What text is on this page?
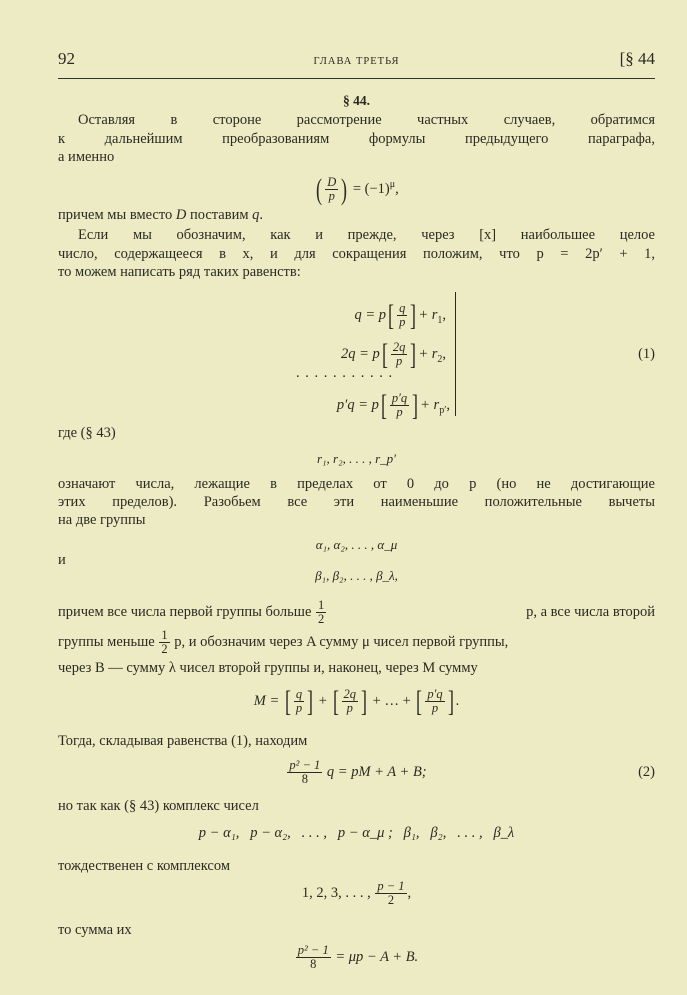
92	ГЛАВА ТРЕТЬЯ	[§ 44
§ 44.
Оставляя в стороне рассмотрение частных случаев, обратимся
к дальнейшим преобразованиям формулы предыдущего параграфа,
а именно
( $\frac{D}{p}$ ) = $(-1)^\mu$,
причем мы вместо D поставим q.
Если мы обозначим, как и прежде, через [x] наибольшее целое
число, содержащееся в x, и для сокращения положим, что p = 2p′ + 1,
то можем написать ряд таких равенств:
q = p [ $\frac{q}{p}$ ] + $r_1$,
2q = p [ $\frac{2q}{p}$ ] + $r_2$,
. . . . . . . . . . .
p′q = p [ $\frac{p'q}{p}$ ] + $r_{p'}$,
(1)
где (§ 43)
r₁, r₂, . . . , r_p′
означают числа, лежащие в пределах от 0 до p (но не достигающие
этих пределов). Разобьем все эти наименьшие положительные вычеты
на две группы
α₁, α₂, . . . , α_μ
и
β₁, β₂, . . . , β_λ,
причем все числа первой группы больше $\frac{1}{2}$	p, а все числа второй
группы меньше $\frac{1}{2} p$, и обозначим через A сумму μ чисел первой группы,
через B — сумму λ чисел второй группы и, наконец, через M сумму
M = [ $\frac{q}{p}$ ] + [ $\frac{2q}{p}$ ] + … + [ $\frac{p'q}{p}$ ] .
Тогда, складывая равенства (1), находим
$\frac{\text{p² − 1}}{8}$ q = pM + A + B;	(2)
но так как (§ 43) комплекс чисел
p − α₁,   p − α₂,   . . . ,   p − α_μ ;   β₁,   β₂,   . . . ,   β_λ
тождественен с комплексом
1, 2, 3, . . . , $\frac{p - 1}{2}$ ,
то сумма их
$\frac{\text{p² − 1}}{8} = \mu p - A + B$.
